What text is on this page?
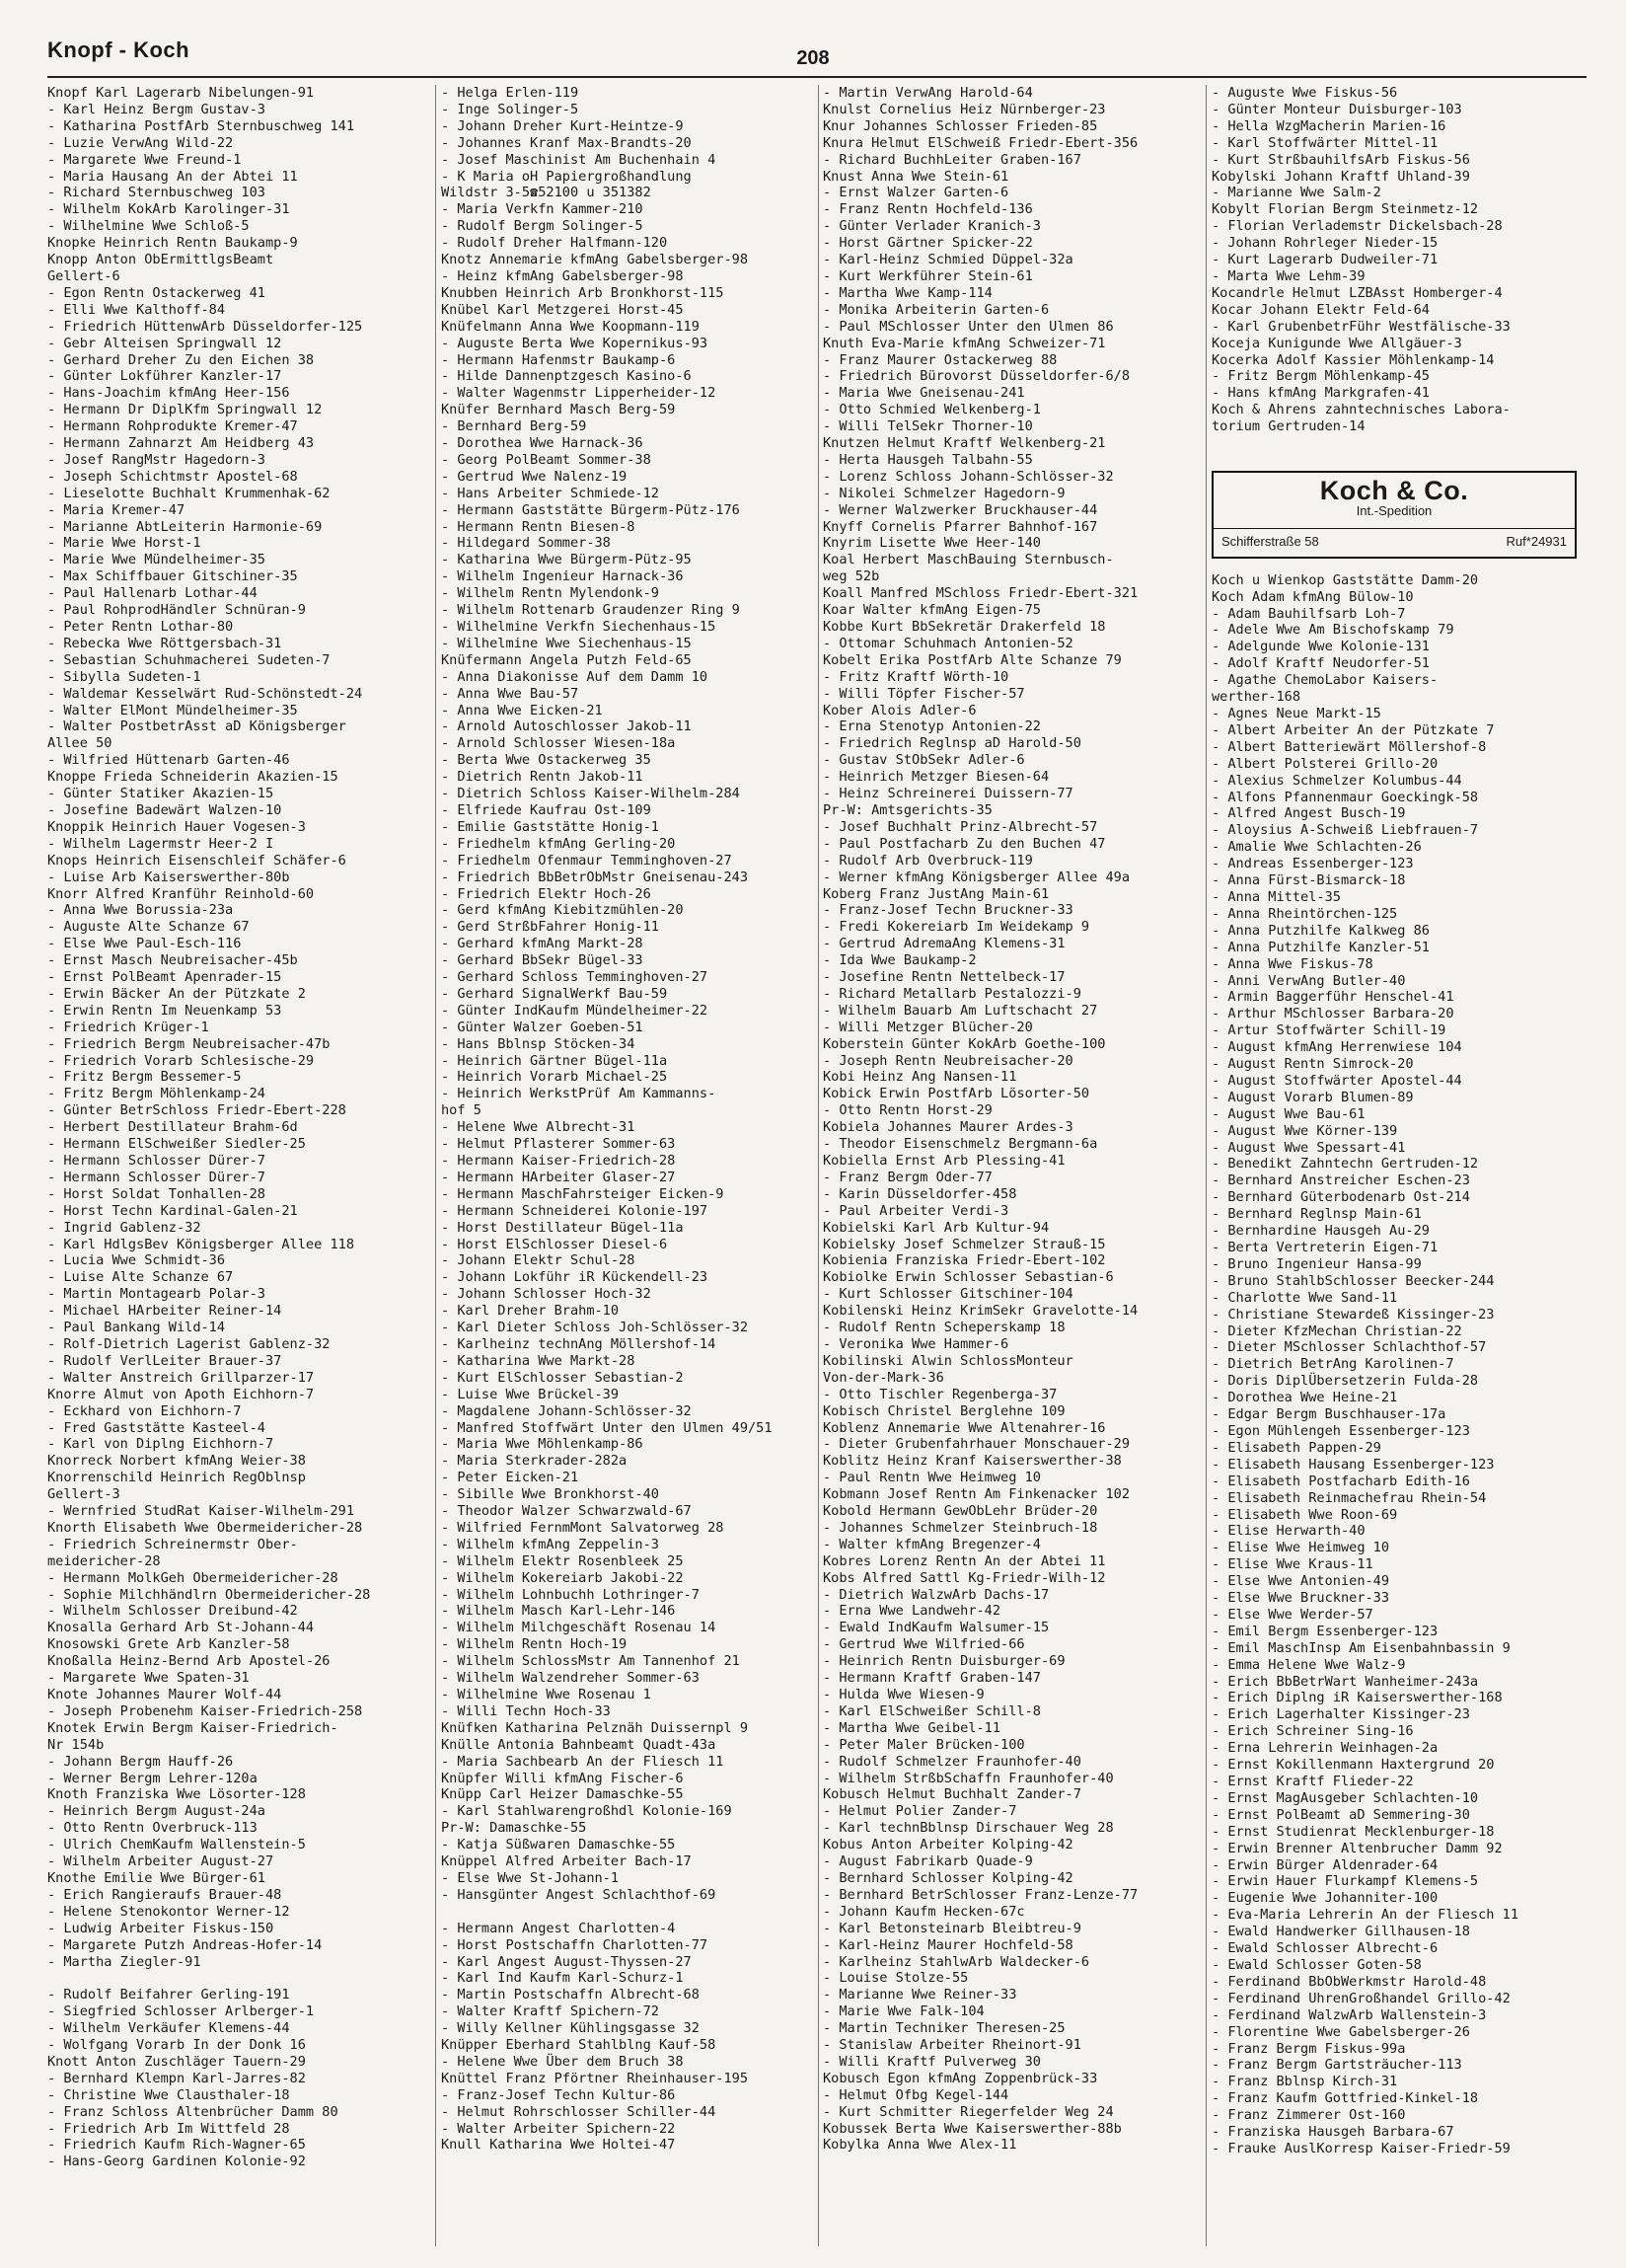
Knopf - Koch	208
Knopf Karl Lagerarb Nibelungen-91
- Karl Heinz Bergm Gustav-3
- Katharina PostfArb Sternbuschweg 141
- Luzie VerwAng Wild-22
- Margarete Wwe Freund-1
- Maria Hausang An der Abtei 11
- Richard Sternbuschweg 103
- Wilhelm KokArb Karolinger-31
- Wilhelmine Wwe Schloß-5
Knopke Heinrich Rentn Baukamp-9
Knopp Anton ObErmittlgsBeamt
Gellert-6
- Egon Rentn Ostackerweg 41
- Elli Wwe Kalthoff-84
- Friedrich HüttenwArb Düsseldorfer-125
- Gebr Alteisen Springwall 12
- Gerhard Dreher Zu den Eichen 38
- Günter Lokführer Kanzler-17
- Hans-Joachim kfmAng Heer-156
- Hermann Dr DiplKfm Springwall 12
- Hermann Rohprodukte Kremer-47
- Hermann Zahnarzt Am Heidberg 43
- Josef RangMstr Hagedorn-3
- Joseph Schichtmstr Apostel-68
- Lieselotte Buchhalt Krummenhak-62
- Maria Kremer-47
- Marianne AbtLeiterin Harmonie-69
- Marie Wwe Horst-1
- Marie Wwe Mündelheimer-35
- Max Schiffbauer Gitschiner-35
- Paul Hallenarb Lothar-44
- Paul RohprodHändler Schnüran-9
- Peter Rentn Lothar-80
- Rebecka Wwe Röttgersbach-31
- Sebastian Schuhmacherei Sudeten-7
- Sibylla Sudeten-1
- Waldemar Kesselwärt Rud-Schönstedt-24
- Walter ElMont Mündelheimer-35
- Walter PostbetrAsst aD Königsberger
Allee 50
- Wilfried Hüttenarb Garten-46
Knoppe Frieda Schneiderin Akazien-15
- Günter Statiker Akazien-15
- Josefine Badewärt Walzen-10
Knoppik Heinrich Hauer Vogesen-3
- Wilhelm Lagermstr Heer-2 I
Knops Heinrich Eisenschleif Schäfer-6
- Luise Arb Kaiserswerther-80b
Knorr Alfred Kranführ Reinhold-60
- Anna Wwe Borussia-23a
- Auguste Alte Schanze 67
- Else Wwe Paul-Esch-116
- Ernst Masch Neubreisacher-45b
- Ernst PolBeamt Apenrader-15
- Erwin Bäcker An der Pützkate 2
- Erwin Rentn Im Neuenkamp 53
- Friedrich Krüger-1
- Friedrich Bergm Neubreisacher-47b
- Friedrich Vorarb Schlesische-29
- Fritz Bergm Bessemer-5
- Fritz Bergm Möhlenkamp-24
- Günter BetrSchloss Friedr-Ebert-228
- Herbert Destillateur Brahm-6d
- Hermann ElSchweißer Siedler-25
- Hermann Schlosser Dürer-7
- Hermann Schlosser Dürer-7
- Horst Soldat Tonhallen-28
- Horst Techn Kardinal-Galen-21
- Ingrid Gablenz-32
- Karl HdlgsBev Königsberger Allee 118
- Lucia Wwe Schmidt-36
- Luise Alte Schanze 67
- Martin Montagearb Polar-3
- Michael HArbeiter Reiner-14
- Paul Bankang Wild-14
- Rolf-Dietrich Lagerist Gablenz-32
- Rudolf VerlLeiter Brauer-37
- Walter Anstreich Grillparzer-17
Knorre Almut von Apoth Eichhorn-7
- Eckhard von Eichhorn-7
- Fred Gaststätte Kasteel-4
- Karl von Diplng Eichhorn-7
Knorreck Norbert kfmAng Weier-38
Knorrenschild Heinrich RegOblnsp
Gellert-3
- Wernfried StudRat Kaiser-Wilhelm-291
Knorth Elisabeth Wwe Obermeidericher-28
- Friedrich Schreinermstr Ober-
meidericher-28
- Hermann MolkGeh Obermeidericher-28
- Sophie Milchhändlrn Obermeidericher-28
- Wilhelm Schlosser Dreibund-42
Knosalla Gerhard Arb St-Johann-44
Knosowski Grete Arb Kanzler-58
Knoßalla Heinz-Bernd Arb Apostel-26
- Margarete Wwe Spaten-31
Knote Johannes Maurer Wolf-44
- Joseph Probenehm Kaiser-Friedrich-258
Knotek Erwin Bergm Kaiser-Friedrich-
Nr 154b
- Johann Bergm Hauff-26
- Werner Bergm Lehrer-120a
Knoth Franziska Wwe Lösorter-128
- Heinrich Bergm August-24a
- Otto Rentn Overbruck-113
- Ulrich ChemKaufm Wallenstein-5
- Wilhelm Arbeiter August-27
Knothe Emilie Wwe Bürger-61
- Erich Rangieraufs Brauer-48
- Helene Stenokontor Werner-12
- Ludwig Arbeiter Fiskus-150
- Margarete Putzh Andreas-Hofer-14
- Martha Ziegler-91

- Rudolf Beifahrer Gerling-191
- Siegfried Schlosser Arlberger-1
- Wilhelm Verkäufer Klemens-44
- Wolfgang Vorarb In der Donk 16
Knott Anton Zuschläger Tauern-29
- Bernhard Klempn Karl-Jarres-82
- Christine Wwe Clausthaler-18
- Franz Schloss Altenbrücher Damm 80
- Friedrich Arb Im Wittfeld 28
- Friedrich Kaufm Rich-Wagner-65
- Hans-Georg Gardinen Kolonie-92
- Helga Erlen-119
- Inge Solinger-5
- Johann Dreher Kurt-Heintze-9
- Johannes Kranf Max-Brandts-20
- Josef Maschinist Am Buchenhain 4
- K Maria oH Papiergroßhandlung
Wildstr 3-5☎52100 u 351382
- Maria Verkfn Kammer-210
- Rudolf Bergm Solinger-5
- Rudolf Dreher Halfmann-120
Knotz Annemarie kfmAng Gabelsberger-98
- Heinz kfmAng Gabelsberger-98
Knubben Heinrich Arb Bronkhorst-115
Knübel Karl Metzgerei Horst-45
Knüfelmann Anna Wwe Koopmann-119
- Auguste Berta Wwe Kopernikus-93
- Hermann Hafenmstr Baukamp-6
- Hilde Dannenptzgesch Kasino-6
- Walter Wagenmstr Lipperheider-12
Knüfer Bernhard Masch Berg-59
- Bernhard Berg-59
- Dorothea Wwe Harnack-36
- Georg PolBeamt Sommer-38
- Gertrud Wwe Nalenz-19
- Hans Arbeiter Schmiede-12
- Hermann Gaststätte Bürgerm-Pütz-176
- Hermann Rentn Biesen-8
- Hildegard Sommer-38
- Katharina Wwe Bürgerm-Pütz-95
- Wilhelm Ingenieur Harnack-36
- Wilhelm Rentn Mylendonk-9
- Wilhelm Rottenarb Graudenzer Ring 9
- Wilhelmine Verkfn Siechenhaus-15
- Wilhelmine Wwe Siechenhaus-15
Knüfermann Angela Putzh Feld-65
- Anna Diakonisse Auf dem Damm 10
- Anna Wwe Bau-57
- Anna Wwe Eicken-21
- Arnold Autoschlosser Jakob-11
- Arnold Schlosser Wiesen-18a
- Berta Wwe Ostackerweg 35
- Dietrich Rentn Jakob-11
- Dietrich Schloss Kaiser-Wilhelm-284
- Elfriede Kaufrau Ost-109
- Emilie Gaststätte Honig-1
- Friedhelm kfmAng Gerling-20
- Friedhelm Ofenmaur Temminghoven-27
- Friedrich BbBetrObMstr Gneisenau-243
- Friedrich Elektr Hoch-26
- Gerd kfmAng Kiebitzmühlen-20
- Gerd StrßbFahrer Honig-11
- Gerhard kfmAng Markt-28
- Gerhard BbSekr Bügel-33
- Gerhard Schloss Temminghoven-27
- Gerhard SignalWerkf Bau-59
- Günter IndKaufm Mündelheimer-22
- Günter Walzer Goeben-51
- Hans Bblnsp Stöcken-34
- Heinrich Gärtner Bügel-11a
- Heinrich Vorarb Michael-25
- Heinrich WerkstPrüf Am Kammanns-
hof 5
- Helene Wwe Albrecht-31
- Helmut Pflasterer Sommer-63
- Hermann Kaiser-Friedrich-28
- Hermann HArbeiter Glaser-27
- Hermann MaschFahrsteiger Eicken-9
- Hermann Schneiderei Kolonie-197
- Horst Destillateur Bügel-11a
- Horst ElSchlosser Diesel-6
- Johann Elektr Schul-28
- Johann Lokführ iR Kückendell-23
- Johann Schlosser Hoch-32
- Karl Dreher Brahm-10
- Karl Dieter Schloss Joh-Schlösser-32
- Karlheinz technAng Möllershof-14
- Katharina Wwe Markt-28
- Kurt ElSchlosser Sebastian-2
- Luise Wwe Brückel-39
- Magdalene Johann-Schlösser-32
- Manfred Stoffwärt Unter den Ulmen 49/51
- Maria Wwe Möhlenkamp-86
- Maria Sterkrader-282a
- Peter Eicken-21
- Sibille Wwe Bronkhorst-40
- Theodor Walzer Schwarzwald-67
- Wilfried FernmMont Salvatorweg 28
- Wilhelm kfmAng Zeppelin-3
- Wilhelm Elektr Rosenbleek 25
- Wilhelm Kokereiarb Jakobi-22
- Wilhelm Lohnbuchh Lothringer-7
- Wilhelm Masch Karl-Lehr-146
- Wilhelm Milchgeschäft Rosenau 14
- Wilhelm Rentn Hoch-19
- Wilhelm SchlossMstr Am Tannenhof 21
- Wilhelm Walzendreher Sommer-63
- Wilhelmine Wwe Rosenau 1
- Willi Techn Hoch-33
Knüfken Katharina Pelznäh Duissernpl 9
Knülle Antonia Bahnbeamt Quadt-43a
- Maria Sachbearb An der Fliesch 11
Knüpfer Willi kfmAng Fischer-6
Knüpp Carl Heizer Damaschke-55
- Karl Stahlwarengroßhdl Kolonie-169
Pr-W: Damaschke-55
- Katja Süßwaren Damaschke-55
Knüppel Alfred Arbeiter Bach-17
- Else Wwe St-Johann-1
- Hansgünter Angest Schlachthof-69

- Hermann Angest Charlotten-4
- Horst Postschaffn Charlotten-77
- Karl Angest August-Thyssen-27
- Karl Ind Kaufm Karl-Schurz-1
- Martin Postschaffn Albrecht-68
- Walter Kraftf Spichern-72
- Willy Kellner Kühlingsgasse 32
Knüpper Eberhard Stahlblng Kauf-58
- Helene Wwe Über dem Bruch 38
Knüttel Franz Pförtner Rheinhauser-195
- Franz-Josef Techn Kultur-86
- Helmut Rohrschlosser Schiller-44
- Walter Arbeiter Spichern-22
Knull Katharina Wwe Holtei-47
- Martin VerwAng Harold-64
Knulst Cornelius Heiz Nürnberger-23
Knur Johannes Schlosser Frieden-85
Knura Helmut ElSchweiß Friedr-Ebert-356
- Richard BuchhLeiter Graben-167
Knust Anna Wwe Stein-61
- Ernst Walzer Garten-6
- Franz Rentn Hochfeld-136
- Günter Verlader Kranich-3
- Horst Gärtner Spicker-22
- Karl-Heinz Schmied Düppel-32a
- Kurt Werkführer Stein-61
- Martha Wwe Kamp-114
- Monika Arbeiterin Garten-6
- Paul MSchlosser Unter den Ulmen 86
Knuth Eva-Marie kfmAng Schweizer-71
- Franz Maurer Ostackerweg 88
- Friedrich Bürovorst Düsseldorfer-6/8
- Maria Wwe Gneisenau-241
- Otto Schmied Welkenberg-1
- Willi TelSekr Thorner-10
Knutzen Helmut Kraftf Welkenberg-21
- Herta Hausgeh Talbahn-55
- Lorenz Schloss Johann-Schlösser-32
- Nikolei Schmelzer Hagedorn-9
- Werner Walzwerker Bruckhauser-44
Knyff Cornelis Pfarrer Bahnhof-167
Knyrim Lisette Wwe Heer-140
Koal Herbert MaschBauing Sternbusch-
weg 52b
Koall Manfred MSchloss Friedr-Ebert-321
Koar Walter kfmAng Eigen-75
Kobbe Kurt BbSekretär Drakerfeld 18
- Ottomar Schuhmach Antonien-52
Kobelt Erika PostfArb Alte Schanze 79
- Fritz Kraftf Wörth-10
- Willi Töpfer Fischer-57
Kober Alois Adler-6
- Erna Stenotyp Antonien-22
- Friedrich Reglnsp aD Harold-50
- Gustav StObSekr Adler-6
- Heinrich Metzger Biesen-64
- Heinz Schreinerei Duissern-77
Pr-W: Amtsgerichts-35
- Josef Buchhalt Prinz-Albrecht-57
- Paul Postfacharb Zu den Buchen 47
- Rudolf Arb Overbruck-119
- Werner kfmAng Königsberger Allee 49a
Koberg Franz JustAng Main-61
- Franz-Josef Techn Bruckner-33
- Fredi Kokereiarb Im Weidekamp 9
- Gertrud AdremaAng Klemens-31
- Ida Wwe Baukamp-2
- Josefine Rentn Nettelbeck-17
- Richard Metallarb Pestalozzi-9
- Wilhelm Bauarb Am Luftschacht 27
- Willi Metzger Blücher-20
Koberstein Günter KokArb Goethe-100
- Joseph Rentn Neubreisacher-20
Kobi Heinz Ang Nansen-11
Kobick Erwin PostfArb Lösorter-50
- Otto Rentn Horst-29
Kobiela Johannes Maurer Ardes-3
- Theodor Eisenschmelz Bergmann-6a
Kobiella Ernst Arb Plessing-41
- Franz Bergm Oder-77
- Karin Düsseldorfer-458
- Paul Arbeiter Verdi-3
Kobielski Karl Arb Kultur-94
Kobielsky Josef Schmelzer Strauß-15
Kobienia Franziska Friedr-Ebert-102
Kobiolke Erwin Schlosser Sebastian-6
- Kurt Schlosser Gitschiner-104
Kobilenski Heinz KrimSekr Gravelotte-14
- Rudolf Rentn Scheperskamp 18
- Veronika Wwe Hammer-6
Kobilinski Alwin SchlossMonteur
Von-der-Mark-36
- Otto Tischler Regenberga-37
Kobisch Christel Berglehne 109
Koblenz Annemarie Wwe Altenahrer-16
- Dieter Grubenfahrhauer Monschauer-29
Koblitz Heinz Kranf Kaiserswerther-38
- Paul Rentn Wwe Heimweg 10
Kobmann Josef Rentn Am Finkenacker 102
Kobold Hermann GewObLehr Brüder-20
- Johannes Schmelzer Steinbruch-18
- Walter kfmAng Bregenzer-4
Kobres Lorenz Rentn An der Abtei 11
Kobs Alfred Sattl Kg-Friedr-Wilh-12
- Dietrich WalzwArb Dachs-17
- Erna Wwe Landwehr-42
- Ewald IndKaufm Walsumer-15
- Gertrud Wwe Wilfried-66
- Heinrich Rentn Duisburger-69
- Hermann Kraftf Graben-147
- Hulda Wwe Wiesen-9
- Karl ElSchweißer Schill-8
- Martha Wwe Geibel-11
- Peter Maler Brücken-100
- Rudolf Schmelzer Fraunhofer-40
- Wilhelm StrßbSchaffn Fraunhofer-40
Kobusch Helmut Buchhalt Zander-7
- Helmut Polier Zander-7
- Karl technBblnsp Dirschauer Weg 28
Kobus Anton Arbeiter Kolping-42
- August Fabrikarb Quade-9
- Bernhard Schlosser Kolping-42
- Bernhard BetrSchlosser Franz-Lenze-77
- Johann Kaufm Hecken-67c
- Karl Betonsteinarb Bleibtreu-9
- Karl-Heinz Maurer Hochfeld-58
- Karlheinz StahlwArb Waldecker-6
- Louise Stolze-55
- Marianne Wwe Reiner-33
- Marie Wwe Falk-104
- Martin Techniker Theresen-25
- Stanislaw Arbeiter Rheinort-91
- Willi Kraftf Pulverweg 30
Kobusch Egon kfmAng Zoppenbrück-33
- Helmut Ofbg Kegel-144
- Kurt Schmitter Riegerfelder Weg 24
Kobussek Berta Wwe Kaiserswerther-88b
Kobylka Anna Wwe Alex-11
- Auguste Wwe Fiskus-56
- Günter Monteur Duisburger-103
- Hella WzgMacherin Marien-16
- Karl Stoffwärter Mittel-11
- Kurt StrßbauhilfsArb Fiskus-56
Kobylski Johann Kraftf Uhland-39
- Marianne Wwe Salm-2
Kobylt Florian Bergm Steinmetz-12
- Florian Verlademstr Dickelsbach-28
- Johann Rohrleger Nieder-15
- Kurt Lagerarb Dudweiler-71
- Marta Wwe Lehm-39
Kocandrle Helmut LZBAsst Homberger-4
Kocar Johann Elektr Feld-64
- Karl GrubenbetrFühr Westfälische-33
Koceja Kunigunde Wwe Allgäuer-3
Kocerka Adolf Kassier Möhlenkamp-14
- Fritz Bergm Möhlenkamp-45
- Hans kfmAng Markgrafen-41
Koch & Ahrens zahntechnisches Labora-
torium Gertruden-14
Koch & Co.
Int.-Spedition
Schifferstraße 58	Ruf*24931
Koch u Wienkop Gaststätte Damm-20
Koch Adam kfmAng Bülow-10
- Adam Bauhilfsarb Loh-7
- Adele Wwe Am Bischofskamp 79
- Adelgunde Wwe Kolonie-131
- Adolf Kraftf Neudorfer-51
- Agathe ChemoLabor Kaisers-
werther-168
- Agnes Neue Markt-15
- Albert Arbeiter An der Pützkate 7
- Albert Batteriewärt Möllershof-8
- Albert Polsterei Grillo-20
- Alexius Schmelzer Kolumbus-44
- Alfons Pfannenmaur Goeckingk-58
- Alfred Angest Busch-19
- Aloysius A-Schweiß Liebfrauen-7
- Amalie Wwe Schlachten-26
- Andreas Essenberger-123
- Anna Fürst-Bismarck-18
- Anna Mittel-35
- Anna Rheintörchen-125
- Anna Putzhilfe Kalkweg 86
- Anna Putzhilfe Kanzler-51
- Anna Wwe Fiskus-78
- Anni VerwAng Butler-40
- Armin Baggerführ Henschel-41
- Arthur MSchlosser Barbara-20
- Artur Stoffwärter Schill-19
- August kfmAng Herrenwiese 104
- August Rentn Simrock-20
- August Stoffwärter Apostel-44
- August Vorarb Blumen-89
- August Wwe Bau-61
- August Wwe Körner-139
- August Wwe Spessart-41
- Benedikt Zahntechn Gertruden-12
- Bernhard Anstreicher Eschen-23
- Bernhard Güterbodenarb Ost-214
- Bernhard Reglnsp Main-61
- Bernhardine Hausgeh Au-29
- Berta Vertreterin Eigen-71
- Bruno Ingenieur Hansa-99
- Bruno StahlbSchlosser Beecker-244
- Charlotte Wwe Sand-11
- Christiane Stewardeß Kissinger-23
- Dieter KfzMechan Christian-22
- Dieter MSchlosser Schlachthof-57
- Dietrich BetrAng Karolinen-7
- Doris DiplÜbersetzerin Fulda-28
- Dorothea Wwe Heine-21
- Edgar Bergm Buschhauser-17a
- Egon Mühlengeh Essenberger-123
- Elisabeth Pappen-29
- Elisabeth Hausang Essenberger-123
- Elisabeth Postfacharb Edith-16
- Elisabeth Reinmachefrau Rhein-54
- Elisabeth Wwe Roon-69
- Elise Herwarth-40
- Elise Wwe Heimweg 10
- Elise Wwe Kraus-11
- Else Wwe Antonien-49
- Else Wwe Bruckner-33
- Else Wwe Werder-57
- Emil Bergm Essenberger-123
- Emil MaschInsp Am Eisenbahnbassin 9
- Emma Helene Wwe Walz-9
- Erich BbBetrWart Wanheimer-243a
- Erich Diplng iR Kaiserswerther-168
- Erich Lagerhalter Kissinger-23
- Erich Schreiner Sing-16
- Erna Lehrerin Weinhagen-2a
- Ernst Kokillenmann Haxtergrund 20
- Ernst Kraftf Flieder-22
- Ernst MagAusgeber Schlachten-10
- Ernst PolBeamt aD Semmering-30
- Ernst Studienrat Mecklenburger-18
- Erwin Brenner Altenbrucher Damm 92
- Erwin Bürger Aldenrader-64
- Erwin Hauer Flurkampf Klemens-5
- Eugenie Wwe Johanniter-100
- Eva-Maria Lehrerin An der Fliesch 11
- Ewald Handwerker Gillhausen-18
- Ewald Schlosser Albrecht-6
- Ewald Schlosser Goten-58
- Ferdinand BbObWerkmstr Harold-48
- Ferdinand UhrenGroßhandel Grillo-42
- Ferdinand WalzwArb Wallenstein-3
- Florentine Wwe Gabelsberger-26
- Franz Bergm Fiskus-99a
- Franz Bergm Gartsträucher-113
- Franz Bblnsp Kirch-31
- Franz Kaufm Gottfried-Kinkel-18
- Franz Zimmerer Ost-160
- Franziska Hausgeh Barbara-67
- Frauke AuslKorresp Kaiser-Friedr-59
